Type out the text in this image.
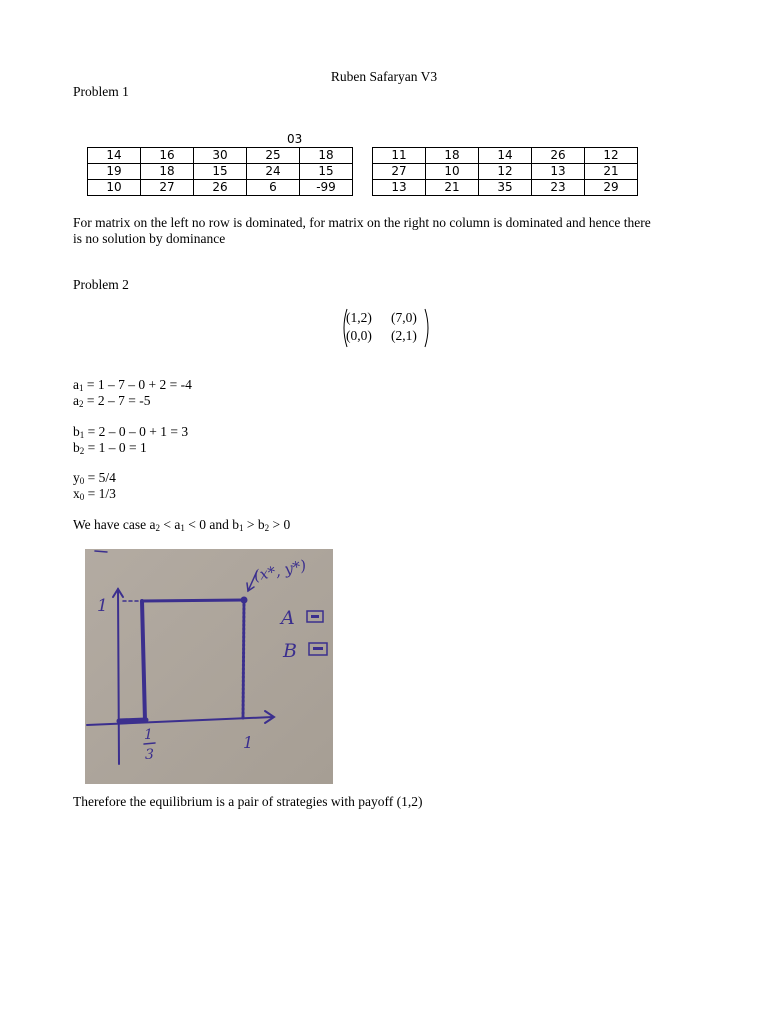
Ruben Safaryan V3
Problem 1
03
14	16	30	25	18
19	18	15	24	15
10	27	26	6	-99
11	18	14	26	12
27	10	12	13	21
13	21	35	23	29
For matrix on the left no row is dominated, for matrix on the right no column is dominated and hence there
is no solution by dominance
Problem 2
(1,2) (7,0)
(0,0) (2,1)
$a_1 = 1 - 7 - 0 + 2 = -4$
$a_2 = 2 - 7 = -5$
$b_1 = 2 - 0 - 0 + 1 = 3$
$b_2 = 1 - 0 = 1$
$y_0 = 5/4$
$x_0 = 1/3$
We have case $a_2 < a_1 < 0$ and $b_1 > b_2 > 0$
1
1
3
1
(x*, y*)
A
B
Therefore the equilibrium is a pair of strategies with payoff (1,2)
